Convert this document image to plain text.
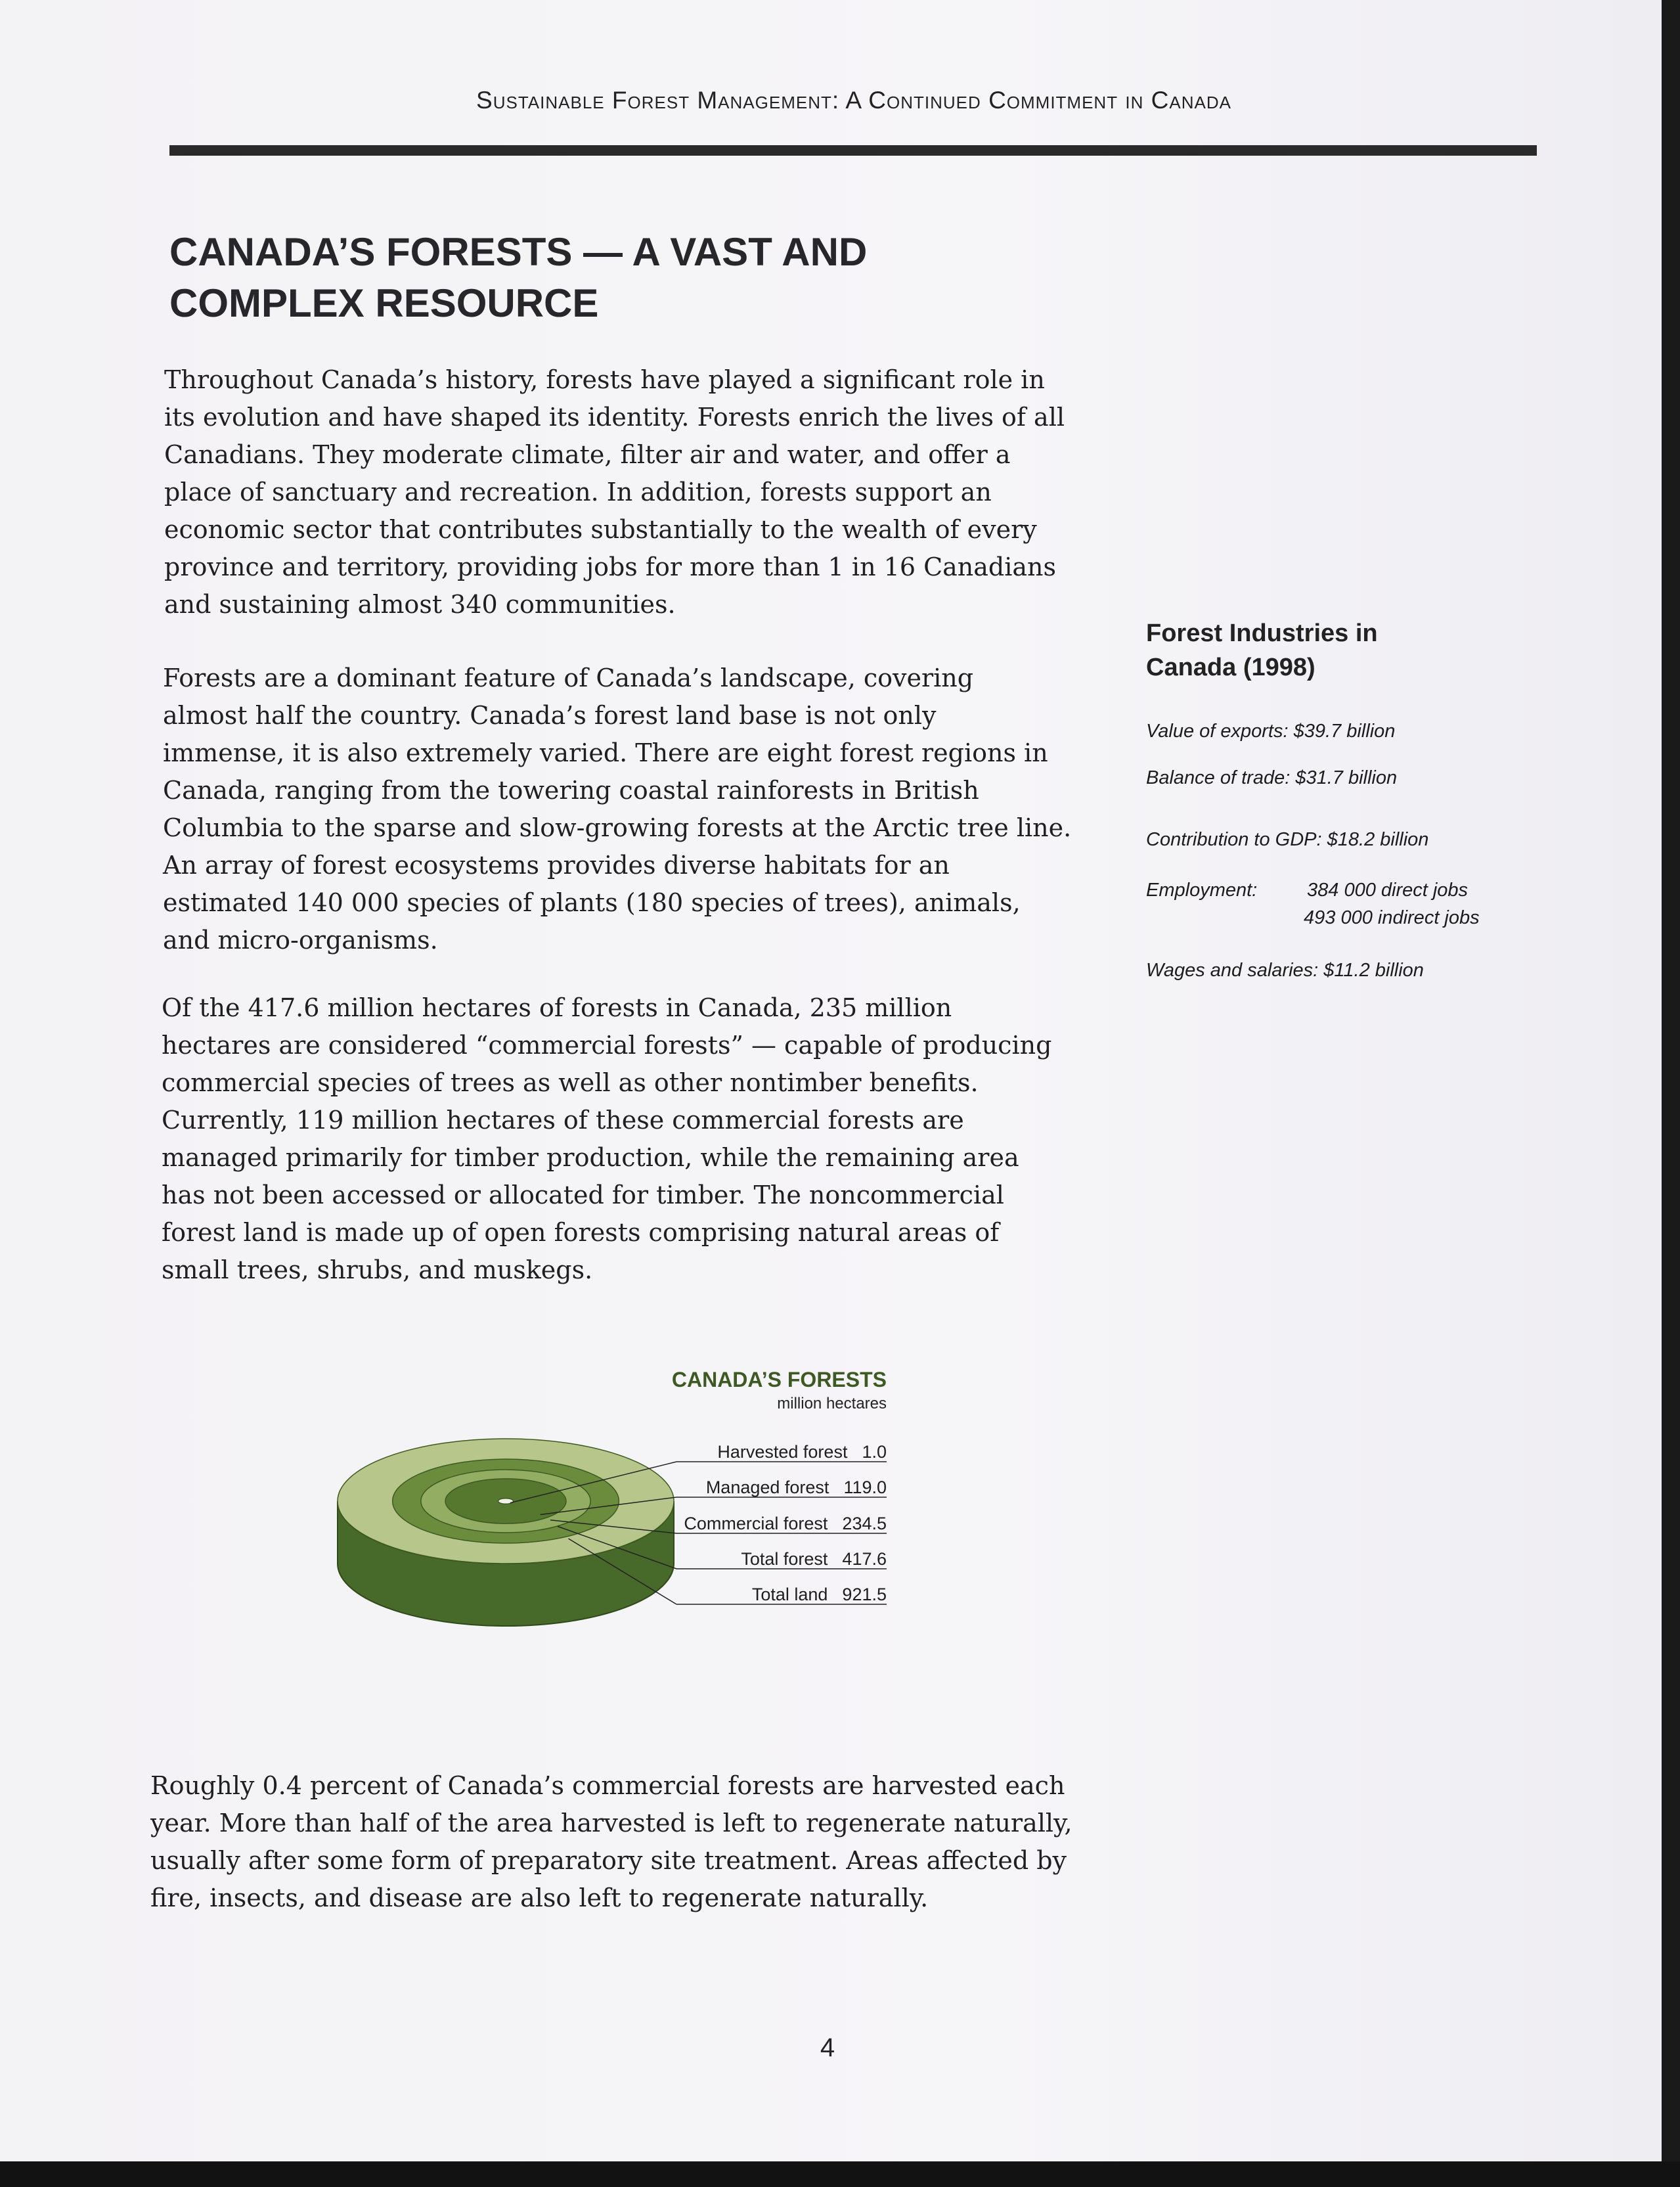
Sustainable Forest Management: A Continued Commitment in Canada
CANADA’S FORESTS — A VAST AND
COMPLEX RESOURCE
Throughout Canada’s history, forests have played a significant role in
its evolution and have shaped its identity. Forests enrich the lives of all
Canadians. They moderate climate, filter air and water, and offer a
place of sanctuary and recreation. In addition, forests support an
economic sector that contributes substantially to the wealth of every
province and territory, providing jobs for more than 1 in 16 Canadians
and sustaining almost 340 communities.
Forests are a dominant feature of Canada’s landscape, covering
almost half the country. Canada’s forest land base is not only
immense, it is also extremely varied. There are eight forest regions in
Canada, ranging from the towering coastal rainforests in British
Columbia to the sparse and slow-growing forests at the Arctic tree line.
An array of forest ecosystems provides diverse habitats for an
estimated 140 000 species of plants (180 species of trees), animals,
and micro-organisms.
Of the 417.6 million hectares of forests in Canada, 235 million
hectares are considered “commercial forests” — capable of producing
commercial species of trees as well as other nontimber benefits.
Currently, 119 million hectares of these commercial forests are
managed primarily for timber production, while the remaining area
has not been accessed or allocated for timber. The noncommercial
forest land is made up of open forests comprising natural areas of
small trees, shrubs, and muskegs.
Roughly 0.4 percent of Canada’s commercial forests are harvested each
year. More than half of the area harvested is left to regenerate naturally,
usually after some form of preparatory site treatment. Areas affected by
fire, insects, and disease are also left to regenerate naturally.
Forest Industries in
Canada (1998)
Value of exports: $39.7 billion
Balance of trade: $31.7 billion
Contribution to GDP: $18.2 billion
Employment:	384 000 direct jobs
493 000 indirect jobs
Wages and salaries: $11.2 billion
CANADA’S FORESTS
million hectares
Harvested forest 1.0
Managed forest 119.0
Commercial forest 234.5
Total forest 417.6
Total land 921.5
4
